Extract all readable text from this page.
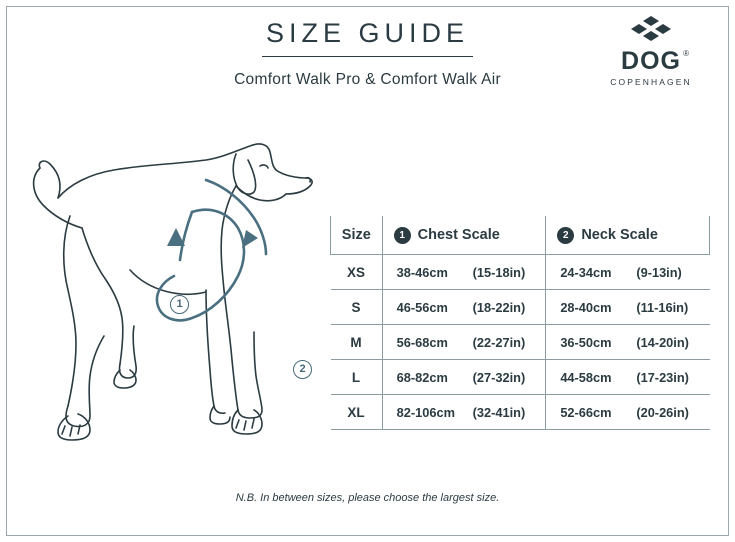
SIZE GUIDE
Comfort Walk Pro & Comfort Walk Air
DOG ®
COPENHAGEN
1
2
Size	1 Chest Scale	2 Neck Scale

XS	38-46cm (15-18in)	24-34cm (9-13in)

S	46-56cm (18-22in)	28-40cm (11-16in)

M	56-68cm (22-27in)	36-50cm (14-20in)

L	68-82cm (27-32in)	44-58cm (17-23in)

XL	82-106cm (32-41in)	52-66cm (20-26in)
N.B. In between sizes, please choose the largest size.
